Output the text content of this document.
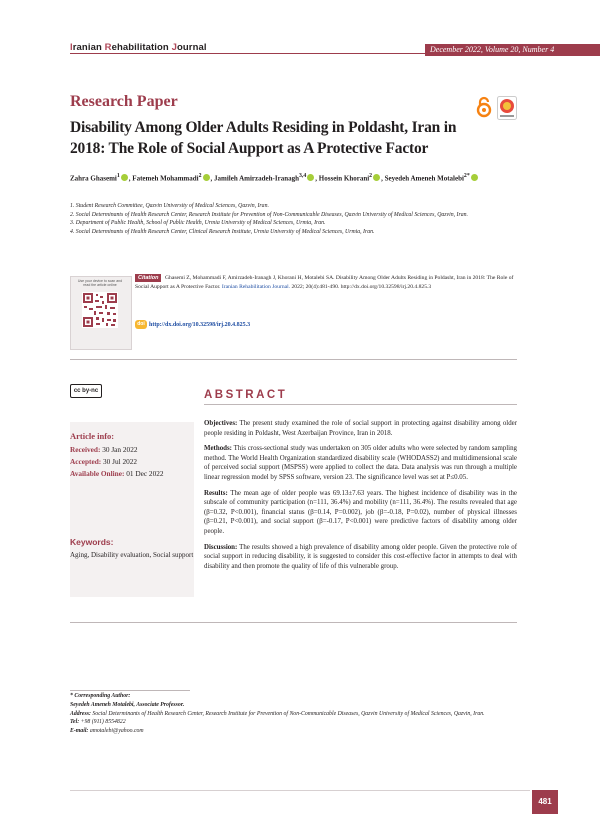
Iranian Rehabilitation Journal	December 2022, Volume 20, Number 4
Research Paper
Disability Among Older Adults Residing in Poldasht, Iran in 2018: The Role of Social Aupport as A Protective Factor
Zahra Ghasemi$^1$ , Fatemeh Mohammadi$^2$ , Jamileh Amirzadeh-Iranagh$^{3,4}$ , Hossein Khorani$^2$ , Seyedeh Ameneh Motalebi$^{2*}$
1. Student Research Committee, Qazvin University of Medical Sciences, Qazvin, Iran.
2. Social Determinants of Health Research Center, Research Institute for Prevention of Non-Communicable Diseases, Qazvin University of Medical Sciences, Qazvin, Iran.
3. Department of Public Health, School of Public Health, Urmia University of Medical Sciences, Urmia, Iran.
4. Social Determinants of Health Research Center, Clinical Research Institute, Urmia University of Medical Sciences, Urmia, Iran.
Use your device to scan and read the article online
Ghasemi Z, Mohammadi F, Amirzadeh-Iranagh J, Khorani H, Motalebi SA. Disability Among Older Adults Residing in Poldasht, Iran in 2018: The Role of Social Aupport as A Protective Factor. Iranian Rehabilitation Journal. 2022; 20(4):481-490. http://dx.doi.org/10.32598/irj.20.4.825.3
Citation
doi http://dx.doi.org/10.32598/irj.20.4.825.3
cc by-nc
Article info:
Received: 30 Jan 2022
Accepted: 30 Jul 2022
Available Online: 01 Dec 2022
Keywords:
Aging, Disability evaluation, Social support
ABSTRACT

Objectives: The present study examined the role of social support in protecting against disability among older people residing in Poldasht, West Azerbaijan Province, Iran in 2018.

Methods: This cross-sectional study was undertaken on 305 older adults who were selected by random sampling method. The World Health Organization standardized disability scale (WHODASS2) and multidimensional scale of perceived social support (MSPSS) were applied to collect the data. Data analysis was run through a multiple linear regression model by SPSS software, version 23. The significance level was set at P≤0.05.

Results: The mean age of older people was 69.13±7.63 years. The highest incidence of disability was in the subscale of community participation (n=111, 36.4%) and mobility (n=111, 36.4%). The results revealed that age (β=0.32, P<0.001), financial status (β=0.14, P=0.002), job (β=-0.18, P=0.02), number of physical illnesses (β=0.21, P<0.001), and social support (β=-0.17, P<0.001) were predictive factors of disability among older people.

Discussion: The results showed a high prevalence of disability among older people. Given the protective role of social support in reducing disability, it is suggested to consider this cost-effective factor in attempts to deal with disability and then promote the quality of life of this vulnerable group.

* Corresponding Author:
Seyedeh Ameneh Motalebi, Associate Professor.
Address: Social Determinants of Health Research Center, Research Institute for Prevention of Non-Communicable Diseases, Qazvin University of Medical Sciences, Qazvin, Iran.
Tel: +98 (911) 8554822
E-mail: amotalebi@yahoo.com
481
